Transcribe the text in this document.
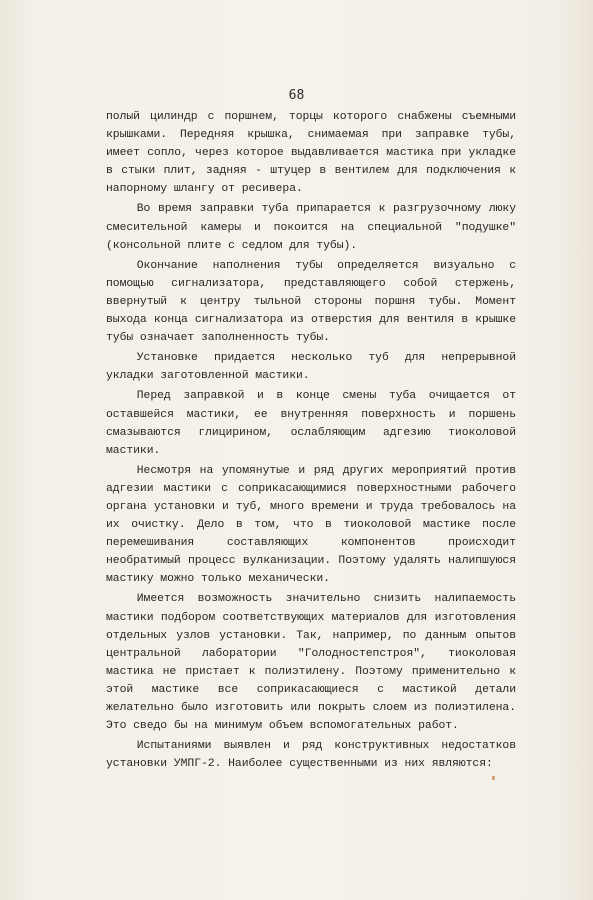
68

полый цилиндр с поршнем, торцы которого снабжены съемными крышками. Передняя крышка, снимаемая при заправке тубы, имеет сопло, через которое выдавливается мастика при укладке в стыки плит, задняя - штуцер в вентилем для подключения к напорному шлангу от ресивера.

Во время заправки туба припарается к разгрузочному люку смесительной камеры и покоится на специальной "подушке" (консольной плите с седлом для тубы).

Окончание наполнения тубы определяется визуально с помощью сигнализатора, представляющего собой стержень, ввернутый к центру тыльной стороны поршня тубы. Момент выхода конца сигнализатора из отверстия для вентиля в крышке тубы означает заполненность тубы.

Установке придается несколько туб для непрерывной укладки заготовленной мастики.

Перед заправкой и в конце смены туба очищается от оставшейся мастики, ее внутренняя поверхность и поршень смазываются глицирином, ослабляющим адгезию тиоколовой мастики.

Несмотря на упомянутые и ряд других мероприятий против адгезии мастики с соприкасающимися поверхностными рабочего органа установки и туб, много времени и труда требовалось на их очистку. Дело в том, что в тиоколовой мастике после перемешивания составляющих компонентов происходит необратимый процесс вулканизации. Поэтому удалять налипшуюся мастику можно только механически.

Имеется возможность значительно снизить налипаемость мастики подбором соответствующих материалов для изготовления отдельных узлов установки. Так, например, по данным опытов центральной лаборатории "Голодностепстроя", тиоколовая мастика не пристает к полиэтилену. Поэтому применительно к этой мастике все соприкасающиеся с мастикой детали желательно было изготовить или покрыть слоем из полиэтилена. Это сведо бы на минимум объем вспомогательных работ.

Испытаниями выявлен и ряд конструктивных недостатков установки УМПГ-2. Наиболее существенными из них являются:
